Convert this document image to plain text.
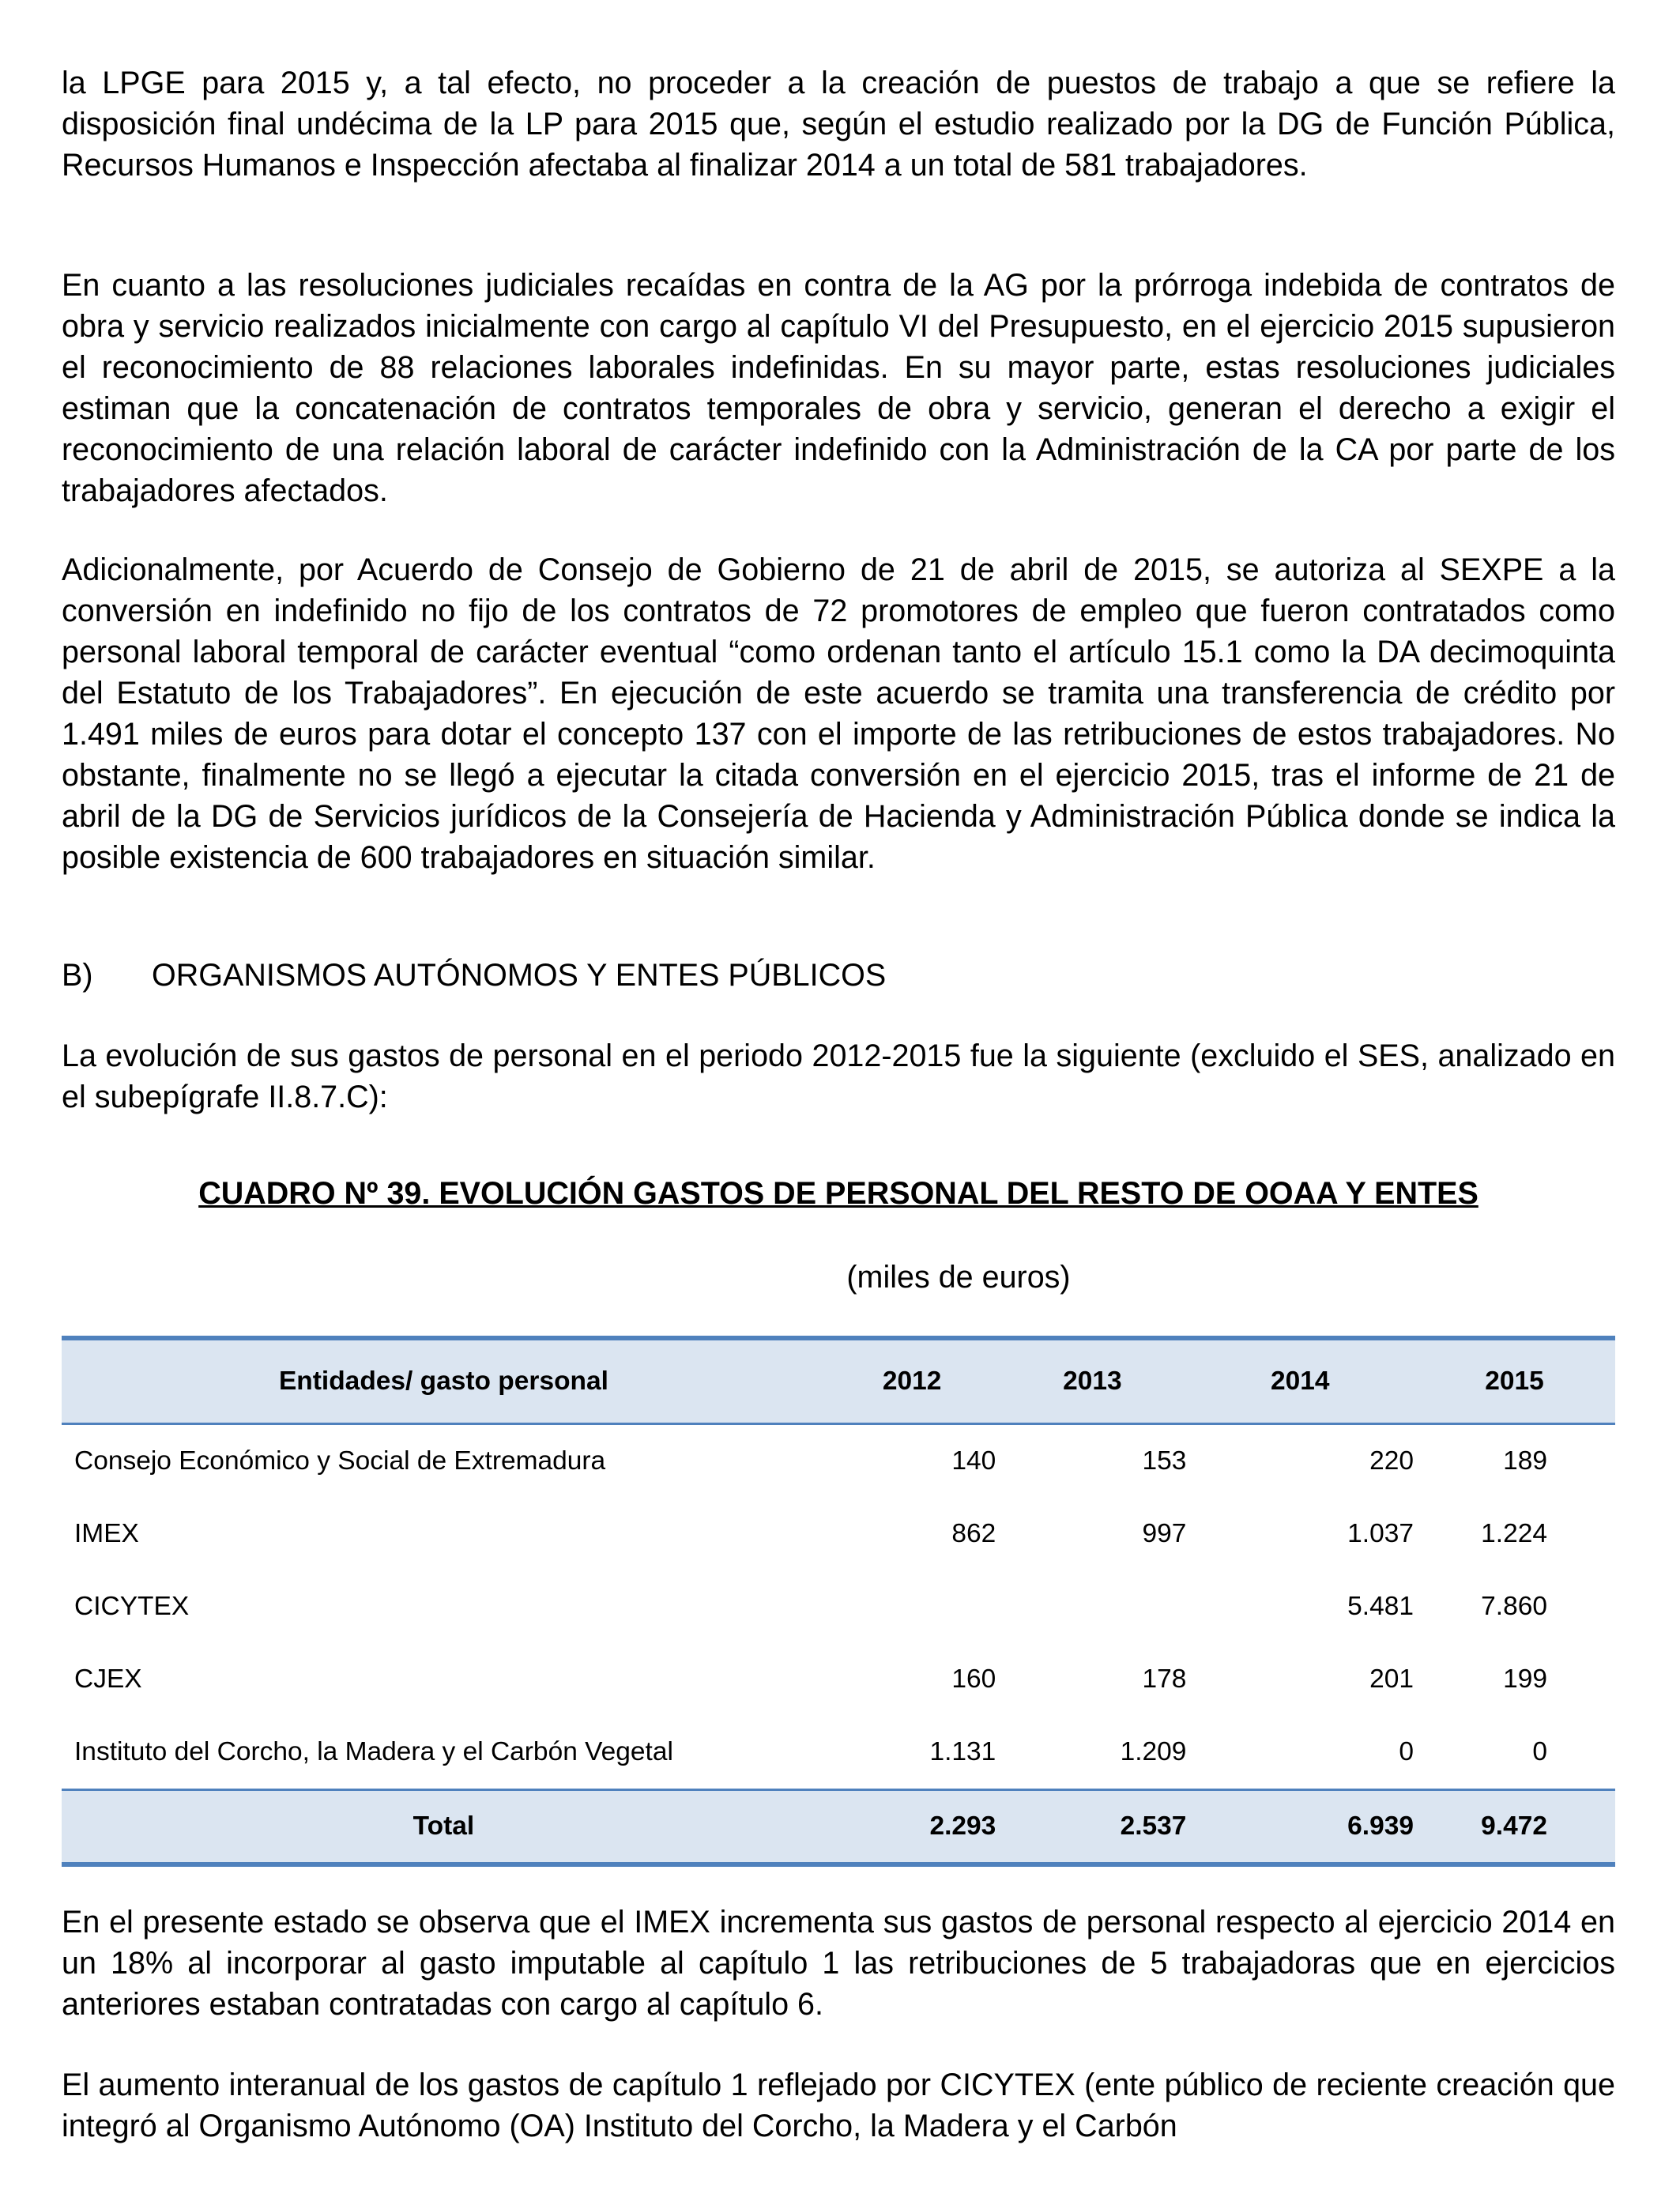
la LPGE para 2015 y, a tal efecto, no proceder a la creación de puestos de trabajo a que se refiere la disposición final undécima de la LP para 2015 que, según el estudio realizado por la DG de Función Pública, Recursos Humanos e Inspección afectaba al finalizar 2014 a un total de 581 trabajadores.

En cuanto a las resoluciones judiciales recaídas en contra de la AG por la prórroga indebida de contratos de obra y servicio realizados inicialmente con cargo al capítulo VI del Presupuesto, en el ejercicio 2015 supusieron el reconocimiento de 88 relaciones laborales indefinidas. En su mayor parte, estas resoluciones judiciales estiman que la concatenación de contratos temporales de obra y servicio, generan el derecho a exigir el reconocimiento de una relación laboral de carácter indefinido con la Administración de la CA por parte de los trabajadores afectados.

Adicionalmente, por Acuerdo de Consejo de Gobierno de 21 de abril de 2015, se autoriza al SEXPE a la conversión en indefinido no fijo de los contratos de 72 promotores de empleo que fueron contratados como personal laboral temporal de carácter eventual “como ordenan tanto el artículo 15.1 como la DA decimoquinta del Estatuto de los Trabajadores”. En ejecución de este acuerdo se tramita una transferencia de crédito por 1.491 miles de euros para dotar el concepto 137 con el importe de las retribuciones de estos trabajadores. No obstante, finalmente no se llegó a ejecutar la citada conversión en el ejercicio 2015, tras el informe de 21 de abril de la DG de Servicios jurídicos de la Consejería de Hacienda y Administración Pública donde se indica la posible existencia de 600 trabajadores en situación similar.

B) ORGANISMOS AUTÓNOMOS Y ENTES PÚBLICOS

La evolución de sus gastos de personal en el periodo 2012-2015 fue la siguiente (excluido el SES, analizado en el subepígrafe II.8.7.C):

CUADRO Nº 39. EVOLUCIÓN GASTOS DE PERSONAL DEL RESTO DE OOAA Y ENTES
(miles de euros)
Entidades/ gasto personal	2012	2013	2014	2015
Consejo Económico y Social de Extremadura	140	153	220	189
IMEX	862	997	1.037	1.224
CICYTEX			5.481	7.860
CJEX	160	178	201	199
Instituto del Corcho, la Madera y el Carbón Vegetal	1.131	1.209	0	0
Total	2.293	2.537	6.939	9.472

En el presente estado se observa que el IMEX incrementa sus gastos de personal respecto al ejercicio 2014 en un 18% al incorporar al gasto imputable al capítulo 1 las retribuciones de 5 trabajadoras que en ejercicios anteriores estaban contratadas con cargo al capítulo 6.

El aumento interanual de los gastos de capítulo 1 reflejado por CICYTEX (ente público de reciente creación que integró al Organismo Autónomo (OA) Instituto del Corcho, la Madera y el Carbón
